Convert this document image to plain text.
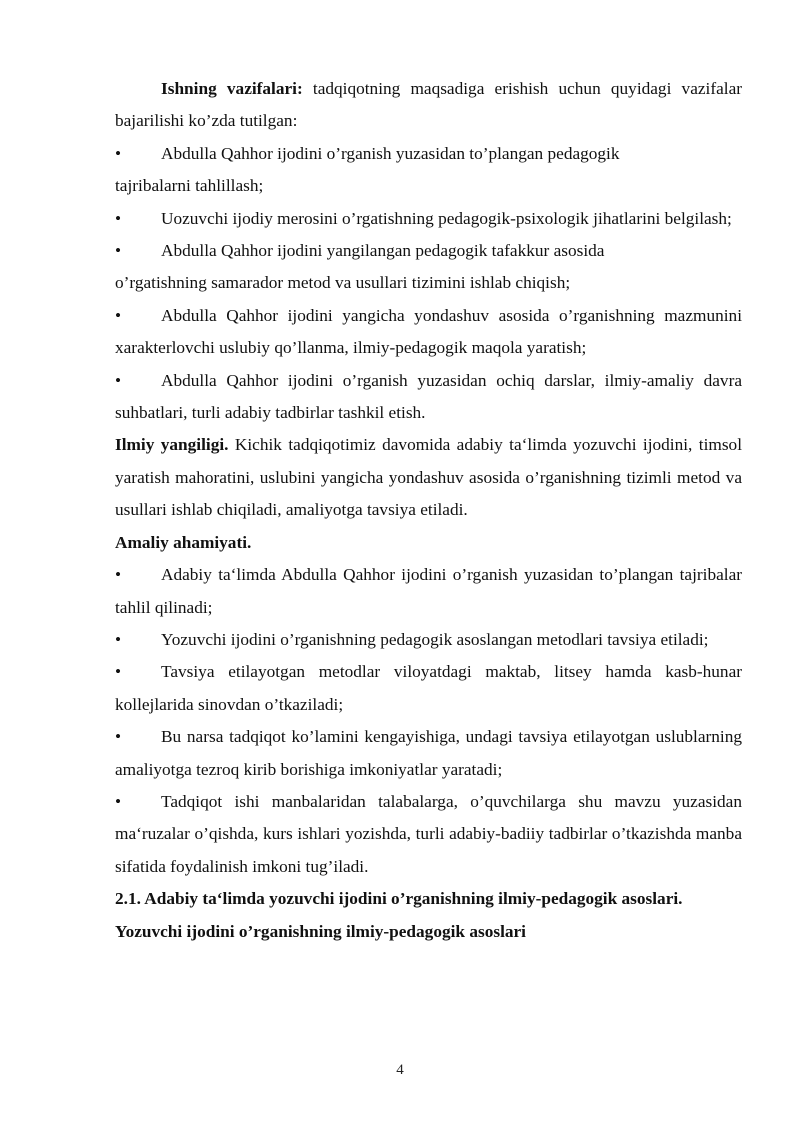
Ishning vazifalari: tadqiqotning maqsadiga erishish uchun quyidagi vazifalar bajarilishi ko’zda tutilgan:

• Abdulla Qahhor ijodini o’rganish yuzasidan to’plangan pedagogik
tajribalarni tahlillash;

• Uozuvchi ijodiy merosini o’rgatishning pedagogik-psixologik jihatlarini belgilash;

• Abdulla Qahhor ijodini yangilangan pedagogik tafakkur asosida
o’rgatishning samarador metod va usullari tizimini ishlab chiqish;

• Abdulla Qahhor ijodini yangicha yondashuv asosida o’rganishning mazmunini xarakterlovchi uslubiy qo’llanma, ilmiy-pedagogik maqola yaratish;

• Abdulla Qahhor ijodini o’rganish yuzasidan ochiq darslar, ilmiy-amaliy davra suhbatlari, turli adabiy tadbirlar tashkil etish.

Ilmiy yangiligi. Kichik tadqiqotimiz davomida adabiy ta‘limda yozuvchi ijodini, timsol yaratish mahoratini, uslubini yangicha yondashuv asosida o’rganishning tizimli metod va usullari ishlab chiqiladi, amaliyotga tavsiya etiladi.

Amaliy ahamiyati.

• Adabiy ta‘limda Abdulla Qahhor ijodini o’rganish yuzasidan to’plangan tajribalar tahlil qilinadi;

• Yozuvchi ijodini o’rganishning pedagogik asoslangan metodlari tavsiya etiladi;

• Tavsiya etilayotgan metodlar viloyatdagi maktab, litsey hamda kasb-hunar kollejlarida sinovdan o’tkaziladi;

• Bu narsa tadqiqot ko’lamini kengayishiga, undagi tavsiya etilayotgan uslublarning amaliyotga tezroq kirib borishiga imkoniyatlar yaratadi;

• Tadqiqot ishi manbalaridan talabalarga, o’quvchilarga shu mavzu yuzasidan ma‘ruzalar o’qishda, kurs ishlari yozishda, turli adabiy-badiiy tadbirlar o’tkazishda manba sifatida foydalinish imkoni tug’iladi.

2.1. Adabiy ta‘limda yozuvchi ijodini o’rganishning ilmiy-pedagogik asoslari.

Yozuvchi ijodini o’rganishning ilmiy-pedagogik asoslari

4
